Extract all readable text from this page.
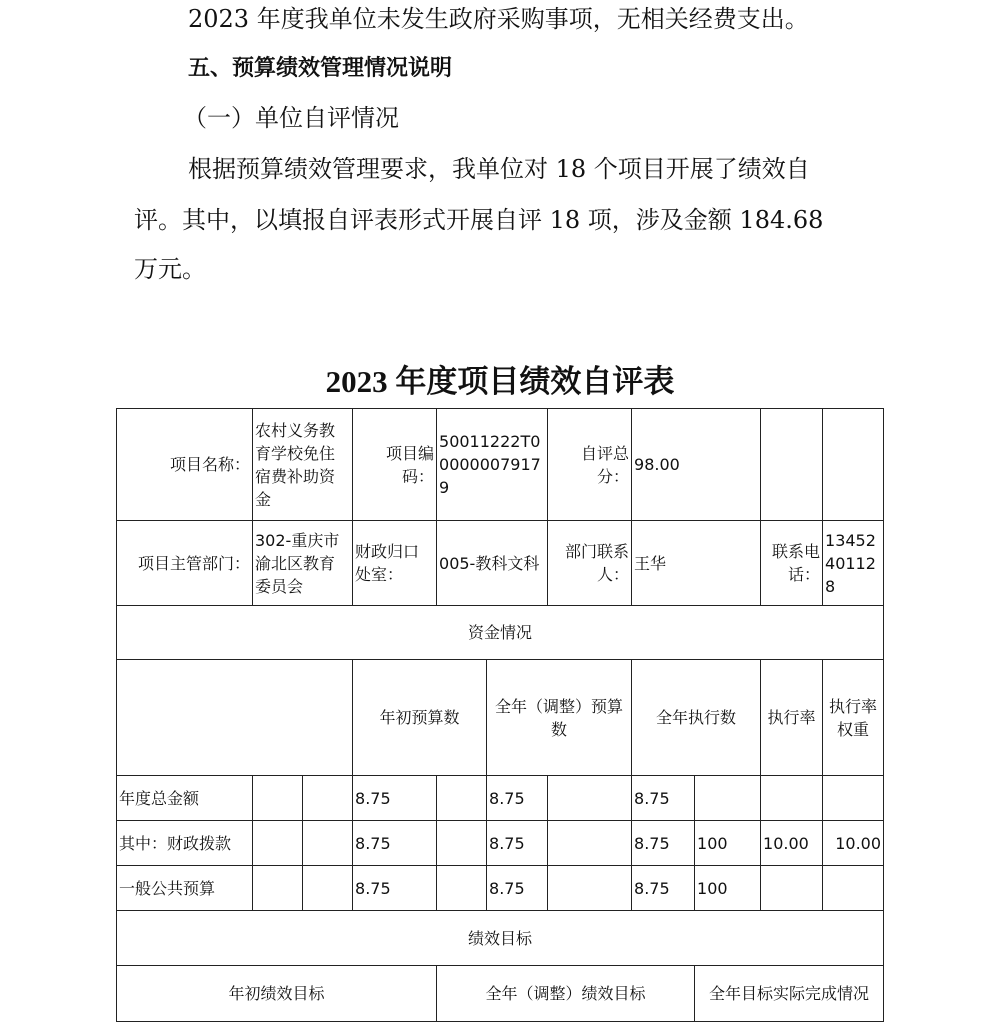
2023 年度我单位未发生政府采购事项，无相关经费支出。
五、预算绩效管理情况说明
（一）单位自评情况
根据预算绩效管理要求，我单位对 18 个项目开展了绩效自
评。其中，以填报自评表形式开展自评 18 项，涉及金额 184.68
万元。
2023 年度项目绩效自评表
项目名称：	农村义务教育学校免住宿费补助资金		项目编码：	50011222T000000079179		自评总分：	98.00				
项目主管部门：	302-重庆市渝北区教育委员会		财政归口处室：	005-教科文科		部门联系人：	王华		联系电话：	13452401128	
资金情况											
			年初预算数		全年（调整）预算数		全年执行数		执行率	执行率权重	
年度总金额			8.75		8.75		8.75				
其中：财政拨款			8.75		8.75		8.75	100	10.00	10.00	
一般公共预算			8.75		8.75		8.75	100			
绩效目标											
年初绩效目标				全年（调整）绩效目标				全年目标实际完成情况			
